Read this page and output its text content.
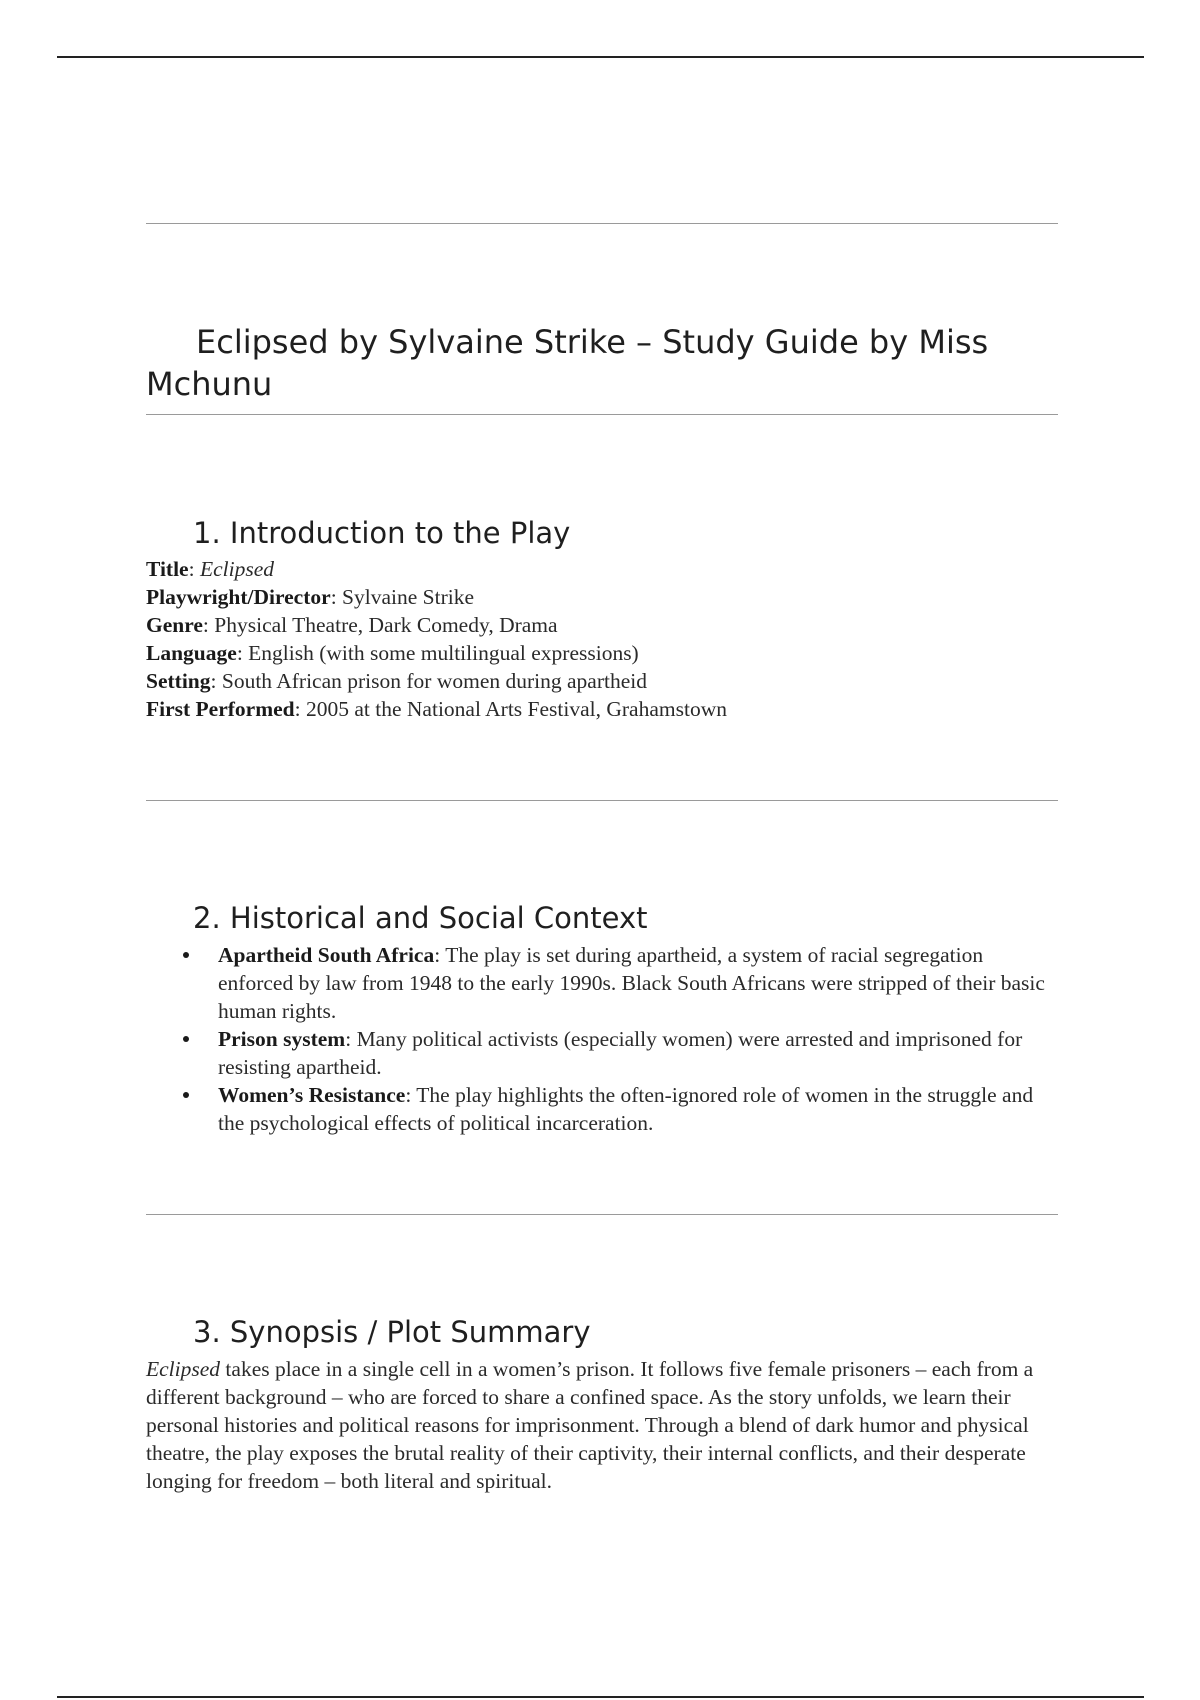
Eclipsed by Sylvaine Strike – Study Guide by Miss Mchunu
1. Introduction to the Play
Title: Eclipsed
Playwright/Director: Sylvaine Strike
Genre: Physical Theatre, Dark Comedy, Drama
Language: English (with some multilingual expressions)
Setting: South African prison for women during apartheid
First Performed: 2005 at the National Arts Festival, Grahamstown
2. Historical and Social Context
Apartheid South Africa: The play is set during apartheid, a system of racial segregation enforced by law from 1948 to the early 1990s. Black South Africans were stripped of their basic human rights.
Prison system: Many political activists (especially women) were arrested and imprisoned for resisting apartheid.
Women’s Resistance: The play highlights the often-ignored role of women in the struggle and the psychological effects of political incarceration.
3. Synopsis / Plot Summary

Eclipsed takes place in a single cell in a women’s prison. It follows five female prisoners – each from a different background – who are forced to share a confined space. As the story unfolds, we learn their personal histories and political reasons for imprisonment. Through a blend of dark humor and physical theatre, the play exposes the brutal reality of their captivity, their internal conflicts, and their desperate longing for freedom – both literal and spiritual.
